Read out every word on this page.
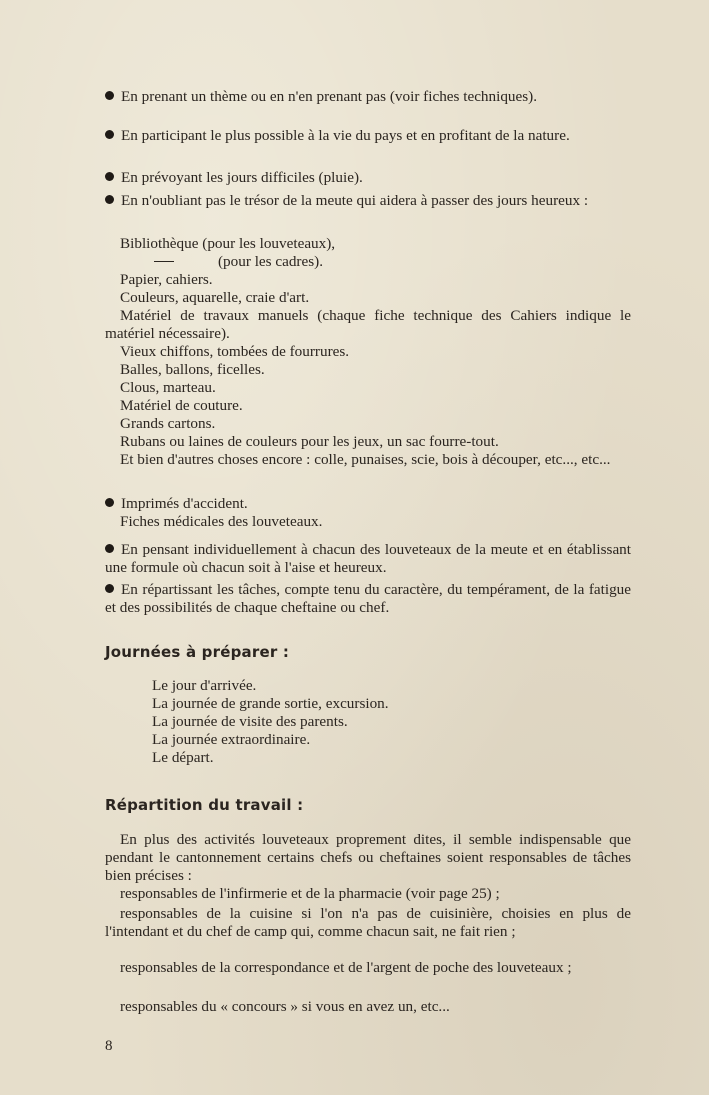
En prenant un thème ou en n'en prenant pas (voir fiches techniques).
En participant le plus possible à la vie du pays et en profitant de la nature.
En prévoyant les jours difficiles (pluie).
En n'oubliant pas le trésor de la meute qui aidera à passer des jours heureux :
Bibliothèque (pour les louveteaux),
(pour les cadres).
Papier, cahiers.
Couleurs, aquarelle, craie d'art.
Matériel de travaux manuels (chaque fiche technique des Cahiers indique le matériel nécessaire).
Vieux chiffons, tombées de fourrures.
Balles, ballons, ficelles.
Clous, marteau.
Matériel de couture.
Grands cartons.
Rubans ou laines de couleurs pour les jeux, un sac fourre-tout.
Et bien d'autres choses encore : colle, punaises, scie, bois à découper, etc..., etc...
Imprimés d'accident.
Fiches médicales des louveteaux.
En pensant individuellement à chacun des louveteaux de la meute et en établissant une formule où chacun soit à l'aise et heureux.
En répartissant les tâches, compte tenu du caractère, du tempérament, de la fatigue et des possibilités de chaque cheftaine ou chef.
Journées à préparer :
Le jour d'arrivée.
La journée de grande sortie, excursion.
La journée de visite des parents.
La journée extraordinaire.
Le départ.
Répartition du travail :
En plus des activités louveteaux proprement dites, il semble indispensable que pendant le cantonnement certains chefs ou cheftaines soient responsables de tâches bien précises :
responsables de l'infirmerie et de la pharmacie (voir page 25) ;
responsables de la cuisine si l'on n'a pas de cuisinière, choisies en plus de l'intendant et du chef de camp qui, comme chacun sait, ne fait rien ;
responsables de la correspondance et de l'argent de poche des louveteaux ;
responsables du « concours » si vous en avez un, etc...
8
